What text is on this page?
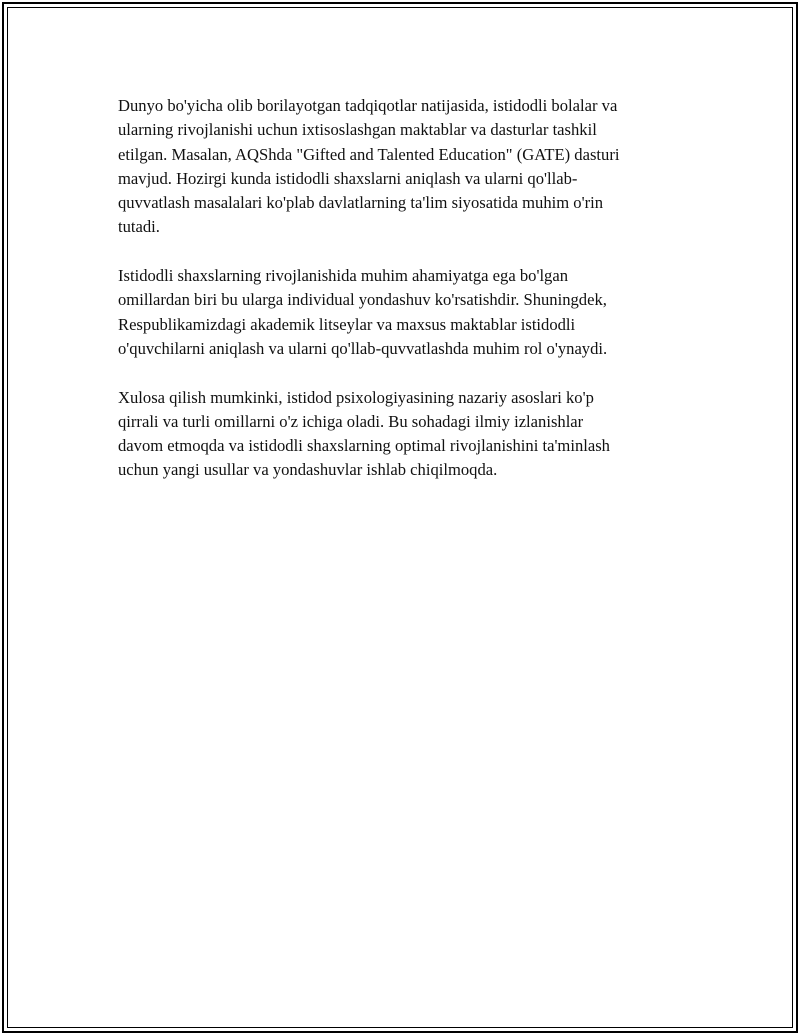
Dunyo bo'yicha olib borilayotgan tadqiqotlar natijasida, istidodli bolalar va
ularning rivojlanishi uchun ixtisoslashgan maktablar va dasturlar tashkil
etilgan. Masalan, AQShda "Gifted and Talented Education" (GATE) dasturi
mavjud. Hozirgi kunda istidodli shaxslarni aniqlash va ularni qo'llab-
quvvatlash masalalari ko'plab davlatlarning ta'lim siyosatida muhim o'rin
tutadi.

Istidodli shaxslarning rivojlanishida muhim ahamiyatga ega bo'lgan
omillardan biri bu ularga individual yondashuv ko'rsatishdir. Shuningdek,
Respublikamizdagi akademik litseylar va maxsus maktablar istidodli
o'quvchilarni aniqlash va ularni qo'llab-quvvatlashda muhim rol o'ynaydi.

Xulosa qilish mumkinki, istidod psixologiyasining nazariy asoslari ko'p
qirrali va turli omillarni o'z ichiga oladi. Bu sohadagi ilmiy izlanishlar
davom etmoqda va istidodli shaxslarning optimal rivojlanishini ta'minlash
uchun yangi usullar va yondashuvlar ishlab chiqilmoqda.
